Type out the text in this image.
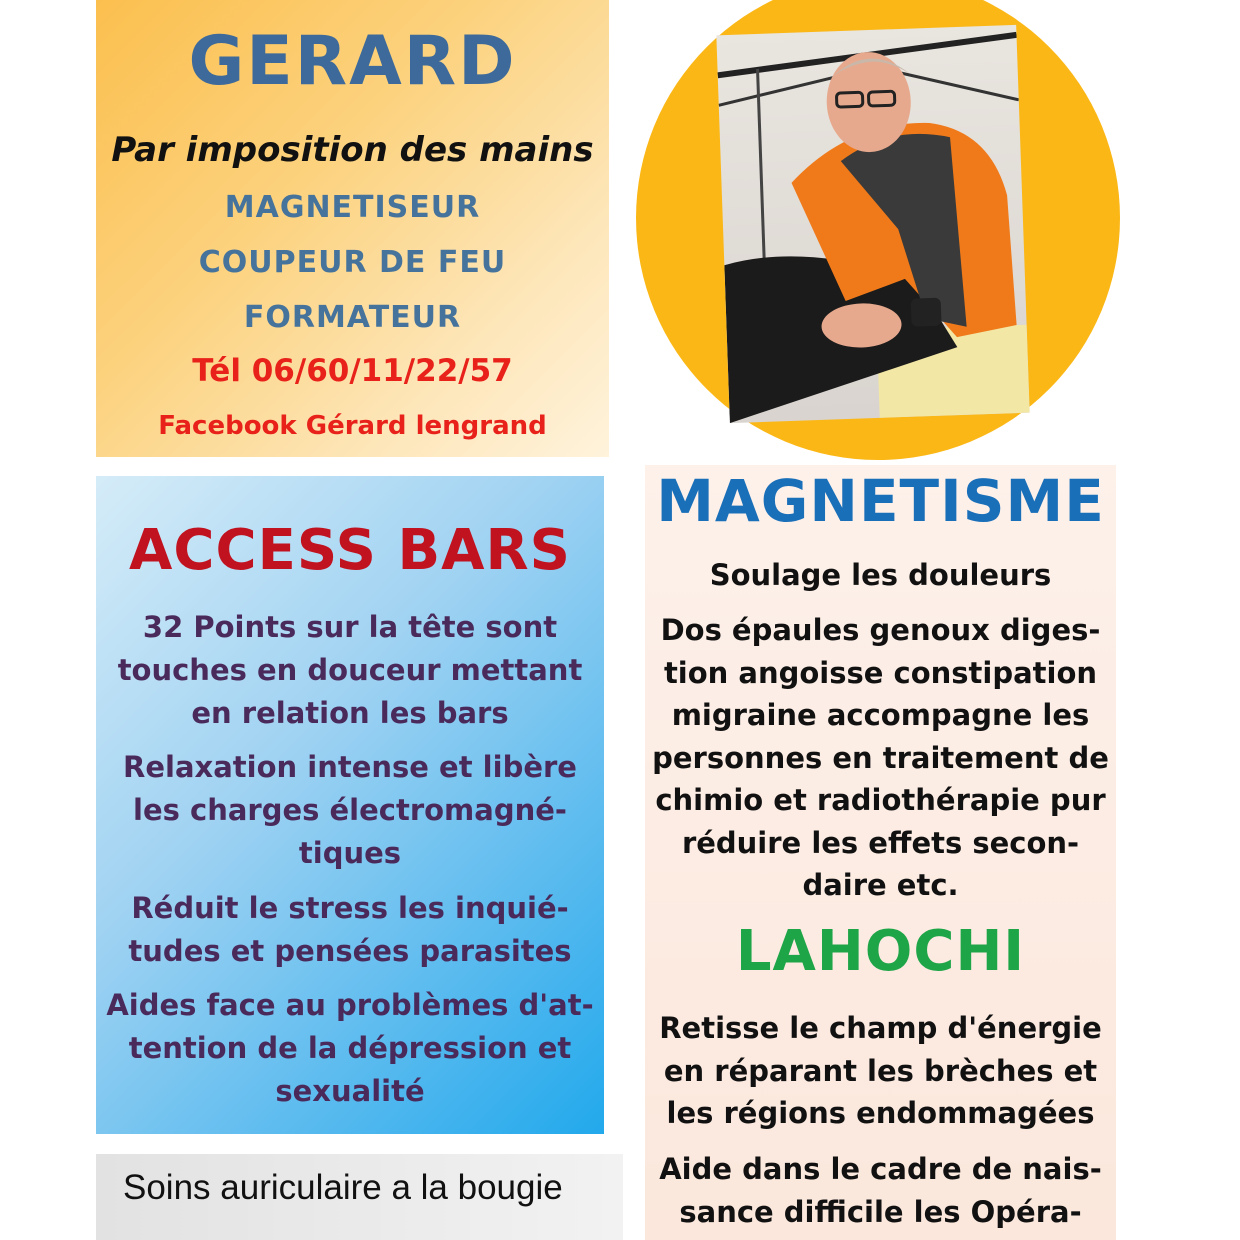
GERARD
Par imposition des mains
MAGNETISEUR
COUPEUR DE FEU
FORMATEUR
Tél 06/60/11/22/57
Facebook Gérard lengrand
ACCESS BARS
32 Points sur la tête sont
touches en douceur mettant
en relation les bars
Relaxation intense et libère
les charges électromagné-
tiques
Réduit le stress les inquié-
tudes et pensées parasites
Aides face au problèmes d'at-
tention de la dépression et
sexualité
Soins auriculaire a la bougie
MAGNETISME
Soulage les douleurs
Dos épaules genoux diges-
tion angoisse constipation
migraine accompagne les
personnes en traitement de
chimio et radiothérapie pur
réduire les effets secon-
daire etc.
LAHOCHI
Retisse le champ d'énergie
en réparant les brèches et
les régions endommagées
Aide dans le cadre de nais-
sance difficile les Opéra-
